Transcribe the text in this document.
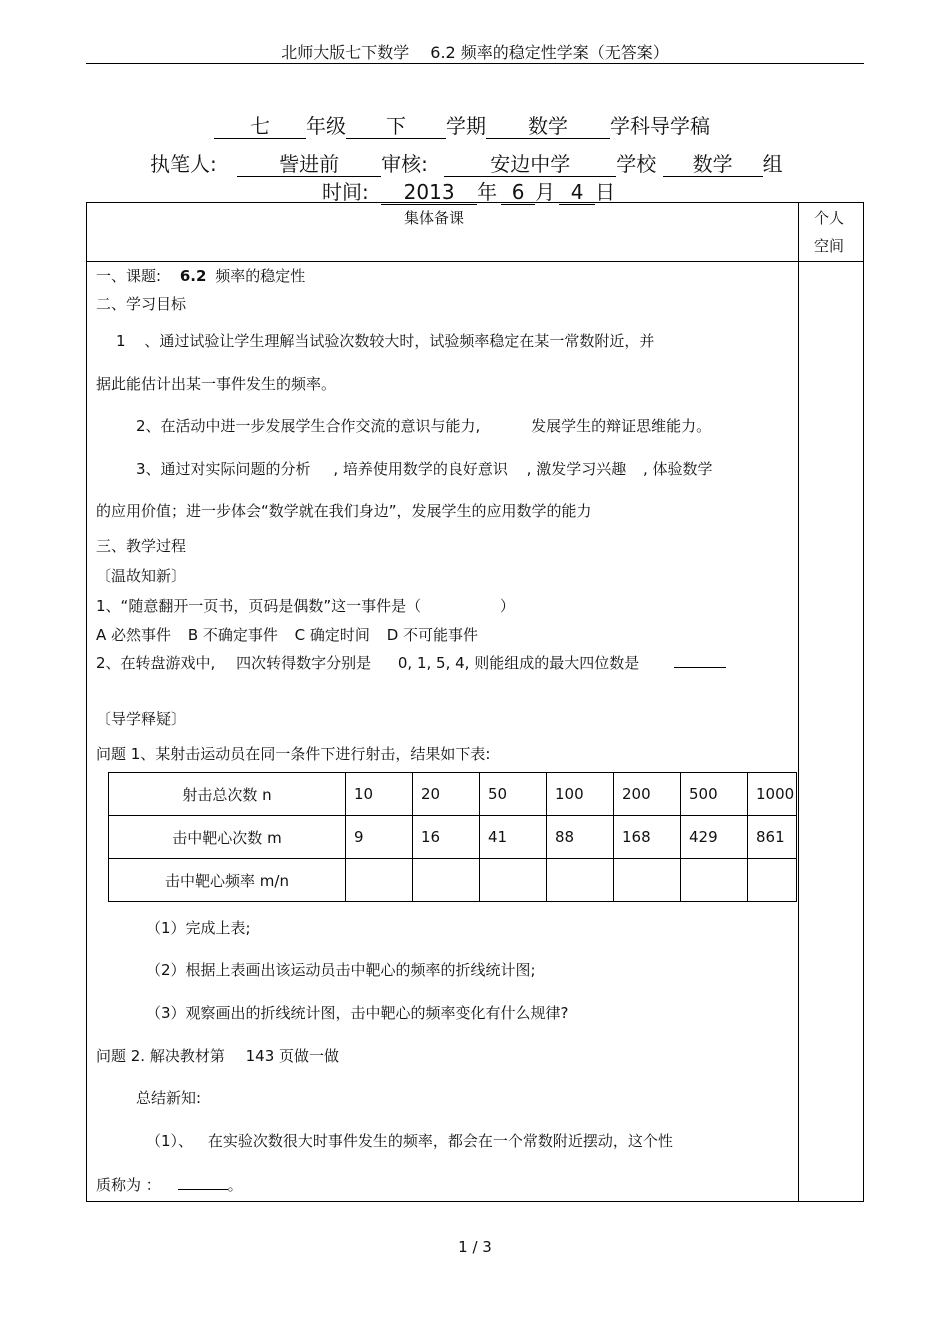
北师大版七下数学　 6.2 频率的稳定性学案（无答案）
七 年级 下 学期 数学 学科导学稿
执笔人:	訾进前 审核:	安边中学 学校 数学 组
时间: 2013 年 6 月 4 日
集体备课	个人
空间
一、课题: 6.2 频率的稳定性
二、学习目标
1 、通过试验让学生理解当试验次数较大时，试验频率稳定在某一常数附近，并
据此能估计出某一事件发生的频率。
2、在活动中进一步发展学生合作交流的意识与能力,	发展学生的辩证思维能力。
3、通过对实际问题的分析 , 培养使用数学的良好意识 , 激发学习兴趣 , 体验数学
的应用价值；进一步体会“数学就在我们身边”，发展学生的应用数学的能力
三、教学过程
〔温故知新〕
1、“随意翻开一页书，页码是偶数”这一事件是（	）
A 必然事件 B 不确定事件 C 确定时间 D 不可能事件
2、在转盘游戏中, 四次转得数字分别是 0, 1, 5, 4, 则能组成的最大四位数是
〔导学释疑〕
问题 1、某射击运动员在同一条件下进行射击，结果如下表:
射击总次数 n	10	20	50	100	200	500	1000
击中靶心次数 m	9	16	41	88	168	429	861
击中靶心频率 m/n							
（1）完成上表;
（2）根据上表画出该运动员击中靶心的频率的折线统计图;
（3）观察画出的折线统计图，击中靶心的频率变化有什么规律?
问题 2. 解决教材第 143 页做一做
总结新知:
（1）、 在实验次数很大时事件发生的频率，都会在一个常数附近摆动，这个性
质称为 ：	。
1 / 3
